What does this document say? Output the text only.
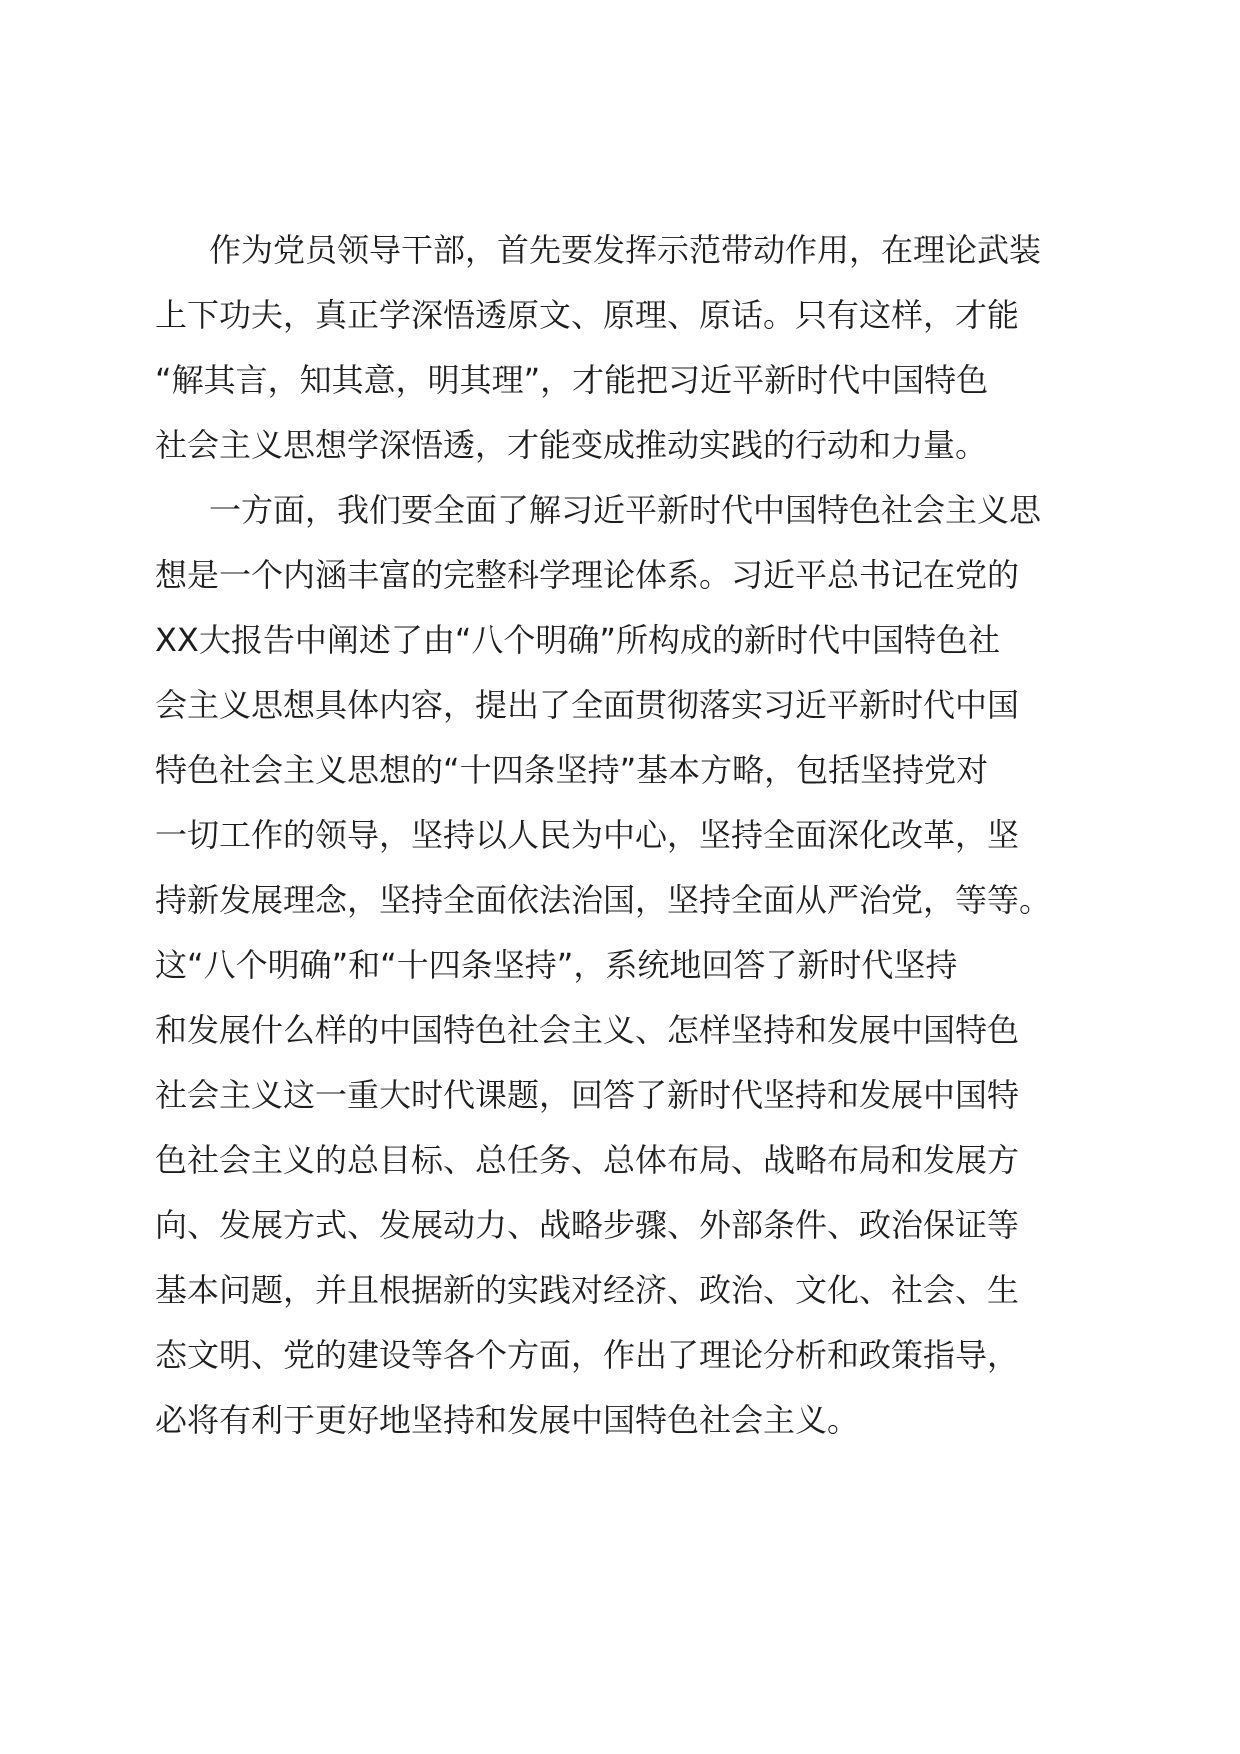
作为党员领导干部，首先要发挥示范带动作用，在理论武装

上下功夫，真正学深悟透原文、原理、原话。只有这样，才能

“解其言，知其意，明其理”，才能把习近平新时代中国特色

社会主义思想学深悟透，才能变成推动实践的行动和力量。

一方面，我们要全面了解习近平新时代中国特色社会主义思

想是一个内涵丰富的完整科学理论体系。习近平总书记在党的

XX大报告中阐述了由“八个明确”所构成的新时代中国特色社

会主义思想具体内容，提出了全面贯彻落实习近平新时代中国

特色社会主义思想的“十四条坚持”基本方略，包括坚持党对

一切工作的领导，坚持以人民为中心，坚持全面深化改革，坚

持新发展理念，坚持全面依法治国，坚持全面从严治党，等等。

这“八个明确”和“十四条坚持”，系统地回答了新时代坚持

和发展什么样的中国特色社会主义、怎样坚持和发展中国特色

社会主义这一重大时代课题，回答了新时代坚持和发展中国特

色社会主义的总目标、总任务、总体布局、战略布局和发展方

向、发展方式、发展动力、战略步骤、外部条件、政治保证等

基本问题，并且根据新的实践对经济、政治、文化、社会、生

态文明、党的建设等各个方面，作出了理论分析和政策指导，

必将有利于更好地坚持和发展中国特色社会主义。
